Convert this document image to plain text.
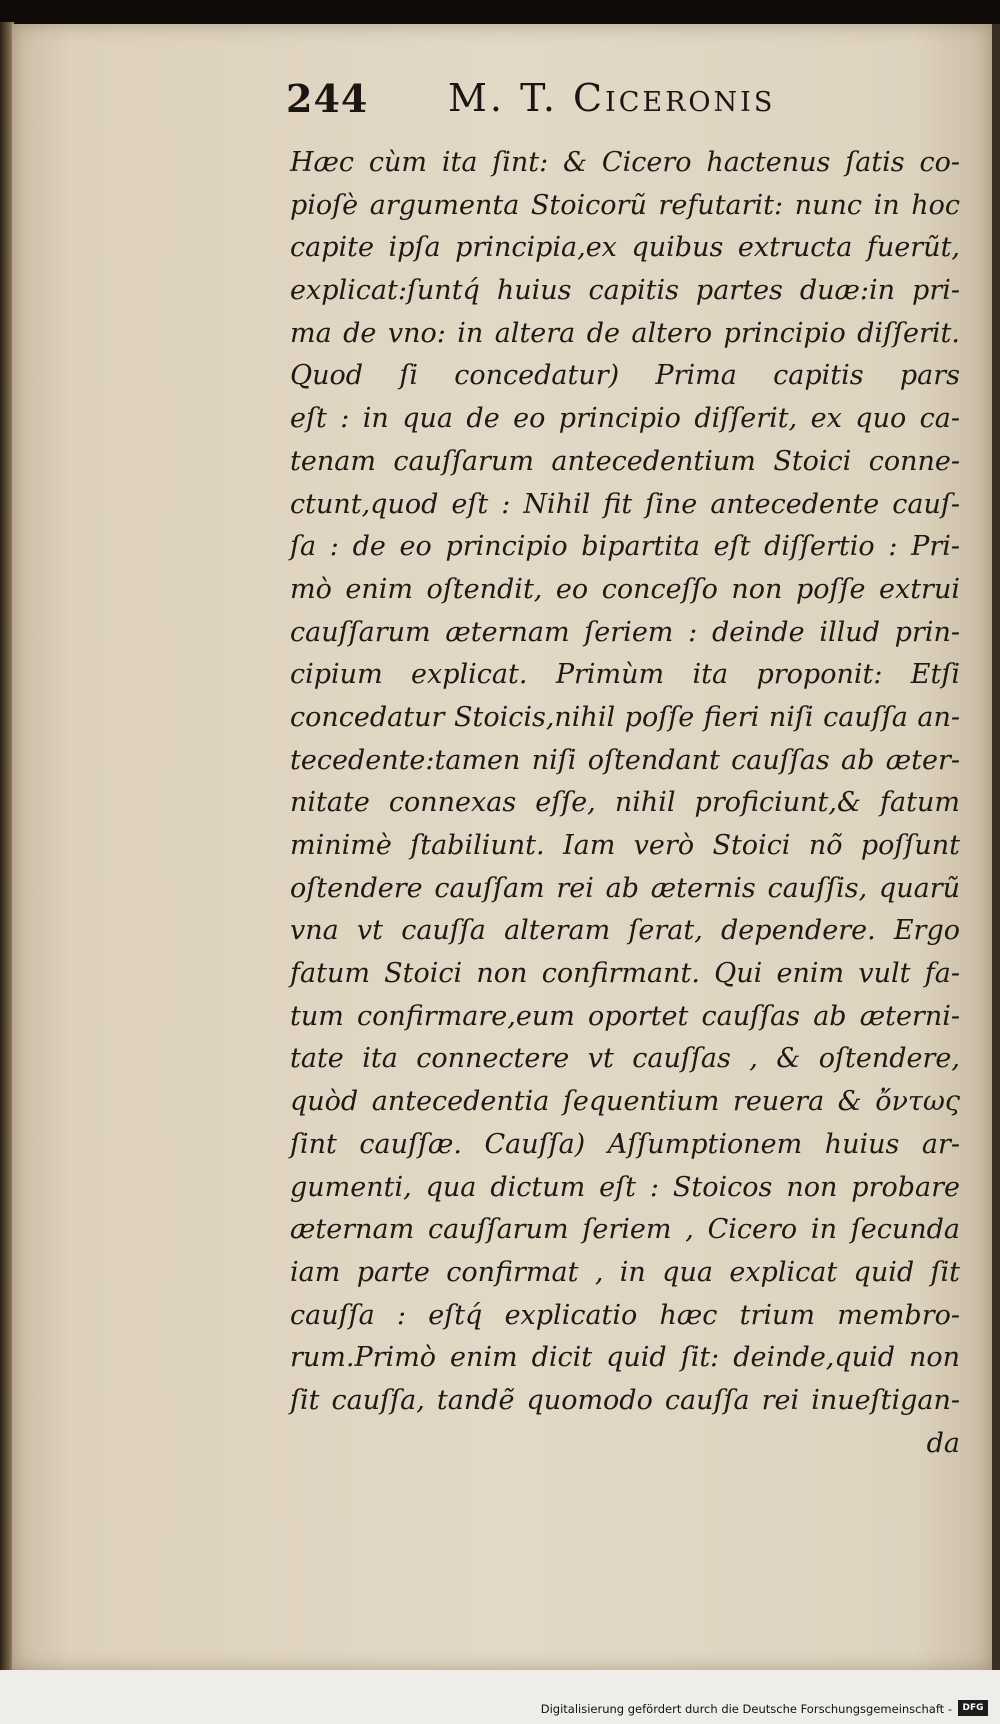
244 M. T. Ciceronis
Hæc cùm ita ſint: & Cicero hactenus ſatis co-
pioſè argumenta Stoicorũ refutarit: nunc in hoc
capite ipſa principia,ex quibus extructa fuerũt,
explicat:ſuntq́ huius capitis partes duæ:in pri-
ma de vno: in altera de altero principio diſſerit.
Quod ſi concedatur) Prima capitis pars
eſt : in qua de eo principio diſſerit, ex quo ca-
tenam cauſſarum antecedentium Stoici conne-
ctunt,quod eſt : Nihil fit ſine antecedente cauſ-
ſa : de eo principio bipartita eſt diſſertio : Pri-
mò enim oſtendit, eo conceſſo non poſſe extrui
cauſſarum æternam ſeriem : deinde illud prin-
cipium explicat. Primùm ita proponit: Etſi
concedatur Stoicis,nihil poſſe fieri niſi cauſſa an-
tecedente:tamen niſi oſtendant cauſſas ab æter-
nitate connexas eſſe, nihil proficiunt,& fatum
minimè ſtabiliunt. Iam verò Stoici nõ poſſunt
oſtendere cauſſam rei ab æternis cauſſis, quarũ
vna vt cauſſa alteram ſerat, dependere. Ergo
fatum Stoici non confirmant. Qui enim vult fa-
tum confirmare,eum oportet cauſſas ab æterni-
tate ita connectere vt cauſſas , & oſtendere,
quòd antecedentia ſequentium reuera & ὄντως
ſint cauſſæ. Cauſſa) Aſſumptionem huius ar-
gumenti, qua dictum eſt : Stoicos non probare
æternam cauſſarum ſeriem , Cicero in ſecunda
iam parte confirmat , in qua explicat quid ſit
cauſſa : eſtq́ explicatio hæc trium membro-
rum.Primò enim dicit quid ſit: deinde,quid non
ſit cauſſa, tandẽ quomodo cauſſa rei inueſtigan-
da
Digitalisierung gefördert durch die Deutsche Forschungsgemeinschaft -	DFG
